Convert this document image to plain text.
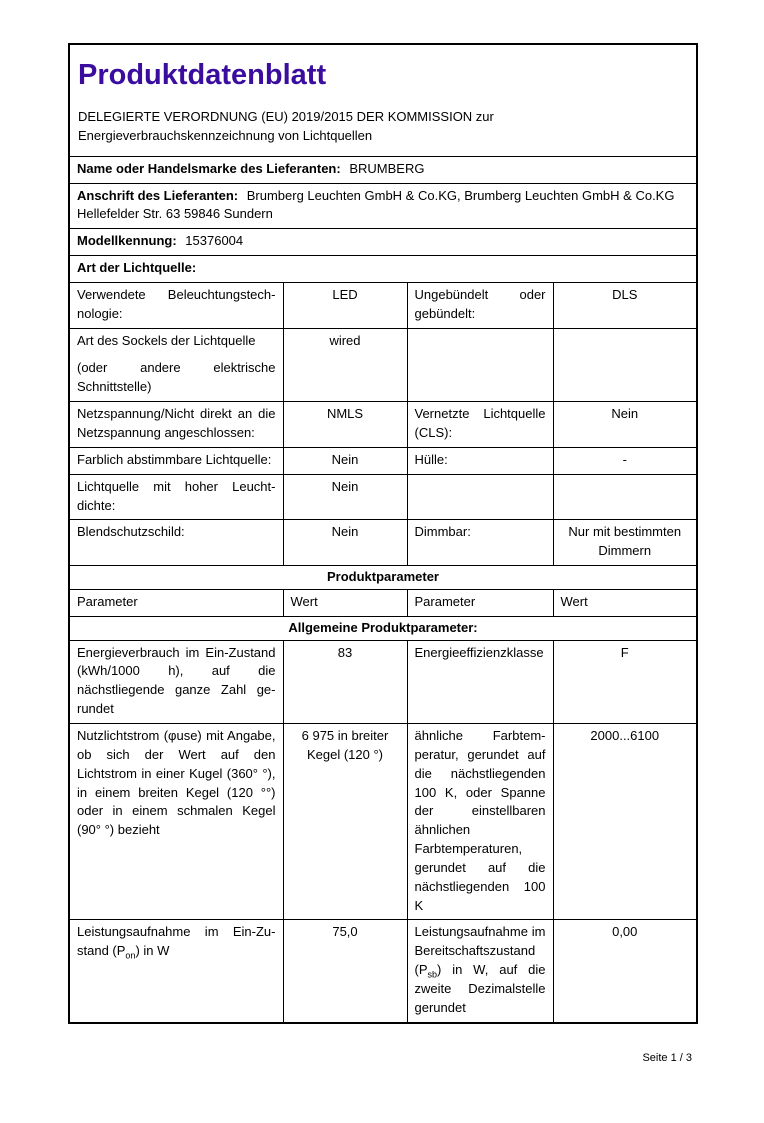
Produktdatenblatt
DELEGIERTE VERORDNUNG (EU) 2019/2015 DER KOMMISSION zur
Energieverbrauchskennzeichnung von Lichtquellen

Name oder Handelsmarke des Lieferanten: BRUMBERG			
Anschrift des Lieferanten: Brumberg Leuchten GmbH & Co.KG, Brumberg Leuchten GmbH & Co.KG Hellefelder Str. 63 59846 Sundern			
Modellkennung: 15376004			
Art der Lichtquelle:			
Verwendete Beleuchtungstechnologie:	LED	Ungebündelt oder gebündelt:	DLS

Art des Sockels der Lichtquelle
(oder andere elektrische Schnittstelle)	wired		
Netzspannung/Nicht direkt an die Netzspannung angeschlossen:	NMLS	Vernetzte Lichtquelle (CLS):	Nein
Farblich abstimmbare Lichtquelle:	Nein	Hülle:	-
Lichtquelle mit hoher Leuchtdichte:	Nein		
Blendschutzschild:	Nein	Dimmbar:	Nur mit bestimmten Dimmern
Produktparameter			
Parameter	Wert	Parameter	Wert
Allgemeine Produktparameter:			
Energieverbrauch im Ein-Zustand (kWh/1000 h), auf die nächstliegende ganze Zahl gerundet	83	Energieeffizienzklasse	F
Nutzlichtstrom (φuse) mit Angabe, ob sich der Wert auf den Lichtstrom in einer Kugel (360° °), in einem breiten Kegel (120 °°) oder in einem schmalen Kegel (90° °) bezieht	6 975 in breiter Kegel (120 °)	ähnliche Farbtemperatur, gerundet auf die nächstliegenden 100 K, oder Spanne der einstellbaren ähnlichen Farbtemperaturen, gerundet auf die nächstliegenden 100 K	2000...6100
Leistungsaufnahme im Ein-Zustand $(P_{on})$ in W	75,0	Leistungsaufnahme im Bereitschaftszustand $(P_{sb})$ in W, auf die zweite Dezimalstelle gerundet	0,00
Seite 1 / 3
